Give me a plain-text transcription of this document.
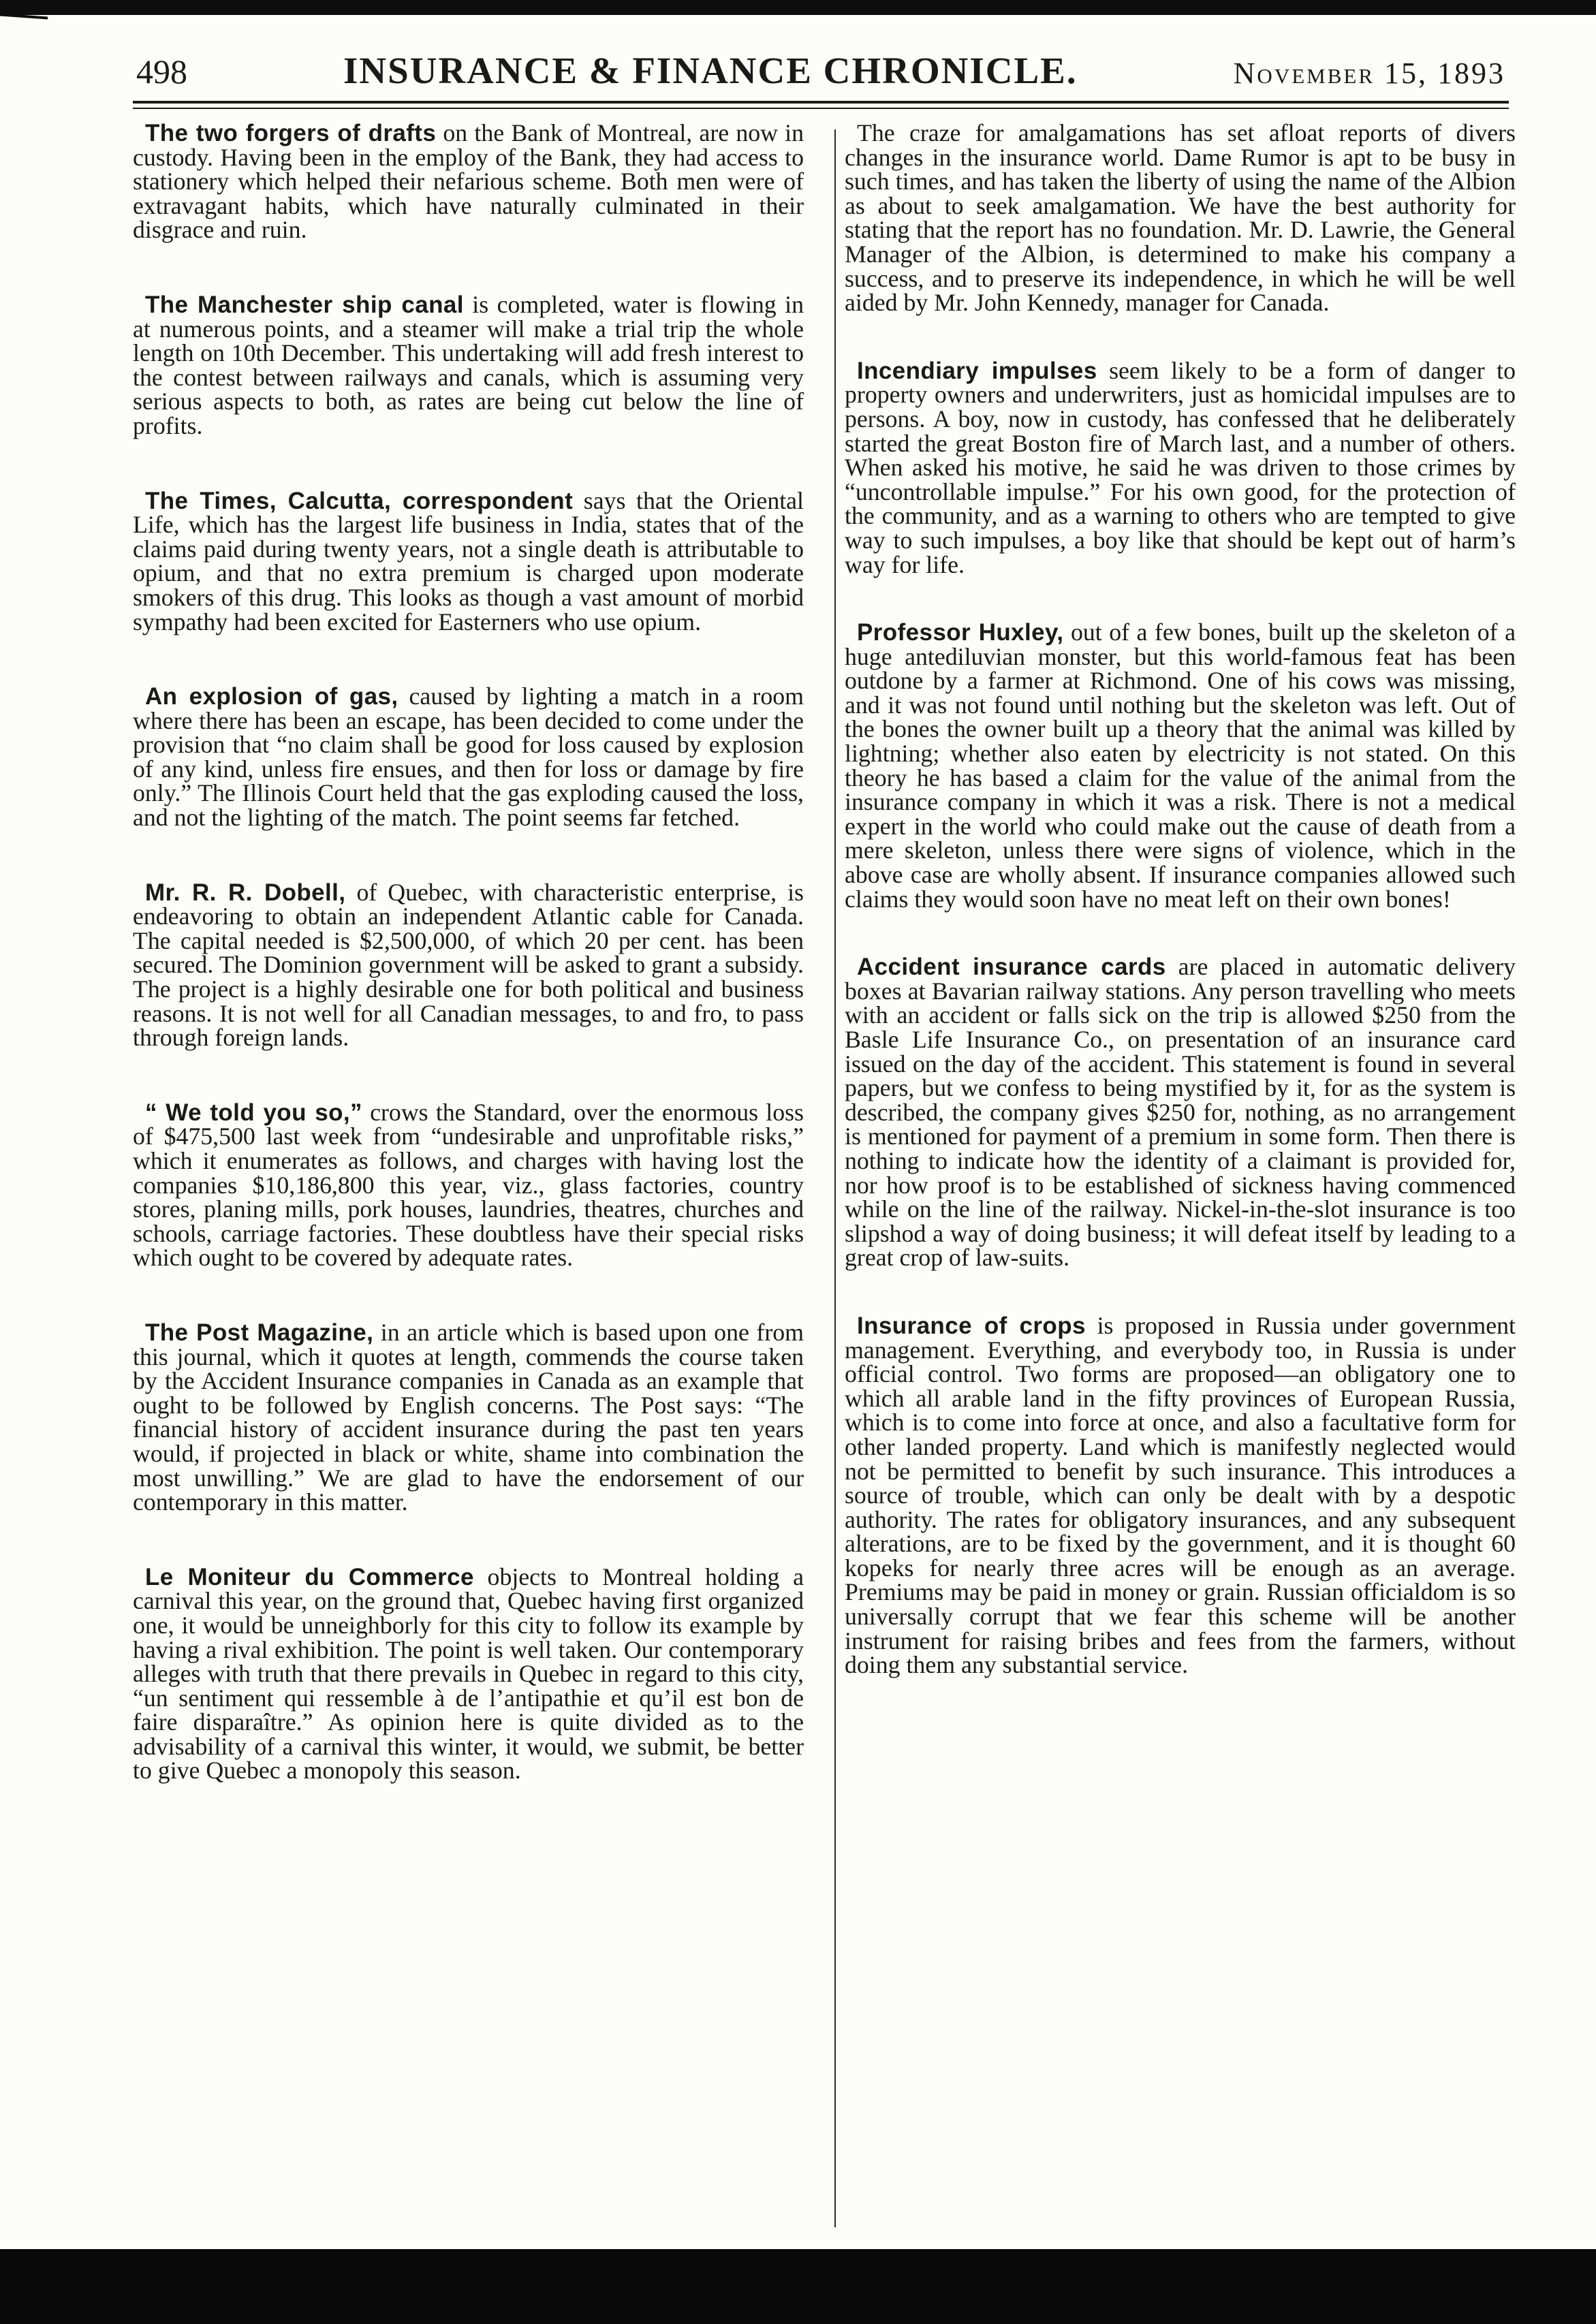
498	INSURANCE & FINANCE CHRONICLE.	November 15, 1893

The two forgers of drafts on the Bank of Montreal, are now in custody. Having been in the employ of the Bank, they had access to stationery which helped their nefarious scheme. Both men were of extravagant habits, which have naturally culminated in their disgrace and ruin.

The Manchester ship canal is completed, water is flowing in at numerous points, and a steamer will make a trial trip the whole length on 10th December. This undertaking will add fresh interest to the contest between railways and canals, which is assuming very serious aspects to both, as rates are being cut below the line of profits.

The Times, Calcutta, correspondent says that the Oriental Life, which has the largest life business in India, states that of the claims paid during twenty years, not a single death is attributable to opium, and that no extra premium is charged upon moderate smokers of this drug. This looks as though a vast amount of morbid sympathy had been excited for Easterners who use opium.

An explosion of gas, caused by lighting a match in a room where there has been an escape, has been decided to come under the provision that “no claim shall be good for loss caused by explosion of any kind, unless fire ensues, and then for loss or damage by fire only.” The Illinois Court held that the gas exploding caused the loss, and not the lighting of the match. The point seems far fetched.

Mr. R. R. Dobell, of Quebec, with characteristic enterprise, is endeavoring to obtain an independent Atlantic cable for Canada. The capital needed is $2,500,000, of which 20 per cent. has been secured. The Dominion government will be asked to grant a subsidy. The project is a highly desirable one for both political and business reasons. It is not well for all Canadian messages, to and fro, to pass through foreign lands.

“ We told you so,” crows the Standard, over the enormous loss of $475,500 last week from “undesirable and unprofitable risks,” which it enumerates as follows, and charges with having lost the companies $10,186,800 this year, viz., glass factories, country stores, planing mills, pork houses, laundries, theatres, churches and schools, carriage factories. These doubtless have their special risks which ought to be covered by adequate rates.

The Post Magazine, in an article which is based upon one from this journal, which it quotes at length, commends the course taken by the Accident Insurance companies in Canada as an example that ought to be followed by English concerns. The Post says: “The financial history of accident insurance during the past ten years would, if projected in black or white, shame into combination the most unwilling.” We are glad to have the endorsement of our contemporary in this matter.

Le Moniteur du Commerce objects to Montreal holding a carnival this year, on the ground that, Quebec having first organized one, it would be unneighborly for this city to follow its example by having a rival exhibition. The point is well taken. Our contemporary alleges with truth that there prevails in Quebec in regard to this city, “un sentiment qui ressemble à de l’antipathie et qu’il est bon de faire disparaître.” As opinion here is quite divided as to the advisability of a carnival this winter, it would, we submit, be better to give Quebec a monopoly this season.

The craze for amalgamations has set afloat reports of divers changes in the insurance world. Dame Rumor is apt to be busy in such times, and has taken the liberty of using the name of the Albion as about to seek amalgamation. We have the best authority for stating that the report has no foundation. Mr. D. Lawrie, the General Manager of the Albion, is determined to make his company a success, and to preserve its independence, in which he will be well aided by Mr. John Kennedy, manager for Canada.

Incendiary impulses seem likely to be a form of danger to property owners and underwriters, just as homicidal impulses are to persons. A boy, now in custody, has confessed that he deliberately started the great Boston fire of March last, and a number of others. When asked his motive, he said he was driven to those crimes by “uncontrollable impulse.” For his own good, for the protection of the community, and as a warning to others who are tempted to give way to such impulses, a boy like that should be kept out of harm’s way for life.

Professor Huxley, out of a few bones, built up the skeleton of a huge antediluvian monster, but this world-famous feat has been outdone by a farmer at Richmond. One of his cows was missing, and it was not found until nothing but the skeleton was left. Out of the bones the owner built up a theory that the animal was killed by lightning; whether also eaten by electricity is not stated. On this theory he has based a claim for the value of the animal from the insurance company in which it was a risk. There is not a medical expert in the world who could make out the cause of death from a mere skeleton, unless there were signs of violence, which in the above case are wholly absent. If insurance companies allowed such claims they would soon have no meat left on their own bones!

Accident insurance cards are placed in automatic delivery boxes at Bavarian railway stations. Any person travelling who meets with an accident or falls sick on the trip is allowed $250 from the Basle Life Insurance Co., on presentation of an insurance card issued on the day of the accident. This statement is found in several papers, but we confess to being mystified by it, for as the system is described, the company gives $250 for, nothing, as no arrangement is mentioned for payment of a premium in some form. Then there is nothing to indicate how the identity of a claimant is provided for, nor how proof is to be established of sickness having commenced while on the line of the railway. Nickel-in-the-slot insurance is too slipshod a way of doing business; it will defeat itself by leading to a great crop of law-suits.

Insurance of crops is proposed in Russia under government management. Everything, and everybody too, in Russia is under official control. Two forms are proposed—an obligatory one to which all arable land in the fifty provinces of European Russia, which is to come into force at once, and also a facultative form for other landed property. Land which is manifestly neglected would not be permitted to benefit by such insurance. This introduces a source of trouble, which can only be dealt with by a despotic authority. The rates for obligatory insurances, and any subsequent alterations, are to be fixed by the government, and it is thought 60 kopeks for nearly three acres will be enough as an average. Premiums may be paid in money or grain. Russian officialdom is so universally corrupt that we fear this scheme will be another instrument for raising bribes and fees from the farmers, without doing them any substantial service.
